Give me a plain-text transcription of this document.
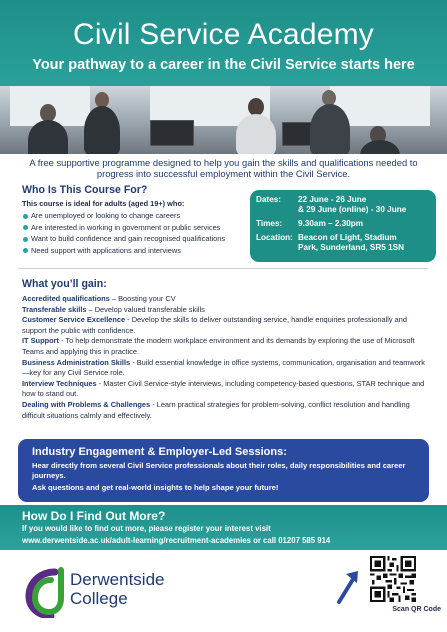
Civil Service Academy
Your pathway to a career in the Civil Service starts here

A free supportive programme designed to help you gain the skills and qualifications needed to progress into successful employment within the Civil Service.

Who Is This Course For?
This course is ideal for adults (aged 19+) who:
Are unemployed or looking to change careers
Are interested in working in government or public services
Want to build confidence and gain recognised qualifications
Need support with applications and interviews
Dates:	22 June - 26 June
& 29 June (online) - 30 June
Times:	9.30am – 2.30pm
Location: Beacon of Light, Stadium
Park, Sunderland, SR5 1SN
What you’ll gain:
Accredited qualifications – Boosting your CV
Transferable skills – Develop valued transferable skills
Customer Service Excellence - Develop the skills to deliver outstanding service, handle enquiries professionally and support the public with confidence.
IT Support - To help demonstrate the modern workplace environment and its demands by exploring the use of Microsoft Teams and applying this in practice.
Business Administration Skills - Build essential knowledge in office systems, communication, organisation and teamwork—key for any Civil Service role.
Interview Techniques - Master Civil Service-style interviews, including competency-based questions, STAR technique and how to stand out.
Dealing with Problems & Challenges - Learn practical strategies for problem-solving, conflict resolution and handling difficult situations calmly and effectively.
Industry Engagement & Employer-Led Sessions:
Hear directly from several Civil Service professionals about their roles, daily responsibilities and career journeys.
Ask questions and get real-world insights to help shape your future!
How Do I Find Out More?
If you would like to find out more, please register your interest visit
www.derwentside.ac.uk/adult-learning/recruitment-academies or call 01207 585 914
Derwentside
College
Scan QR Code
